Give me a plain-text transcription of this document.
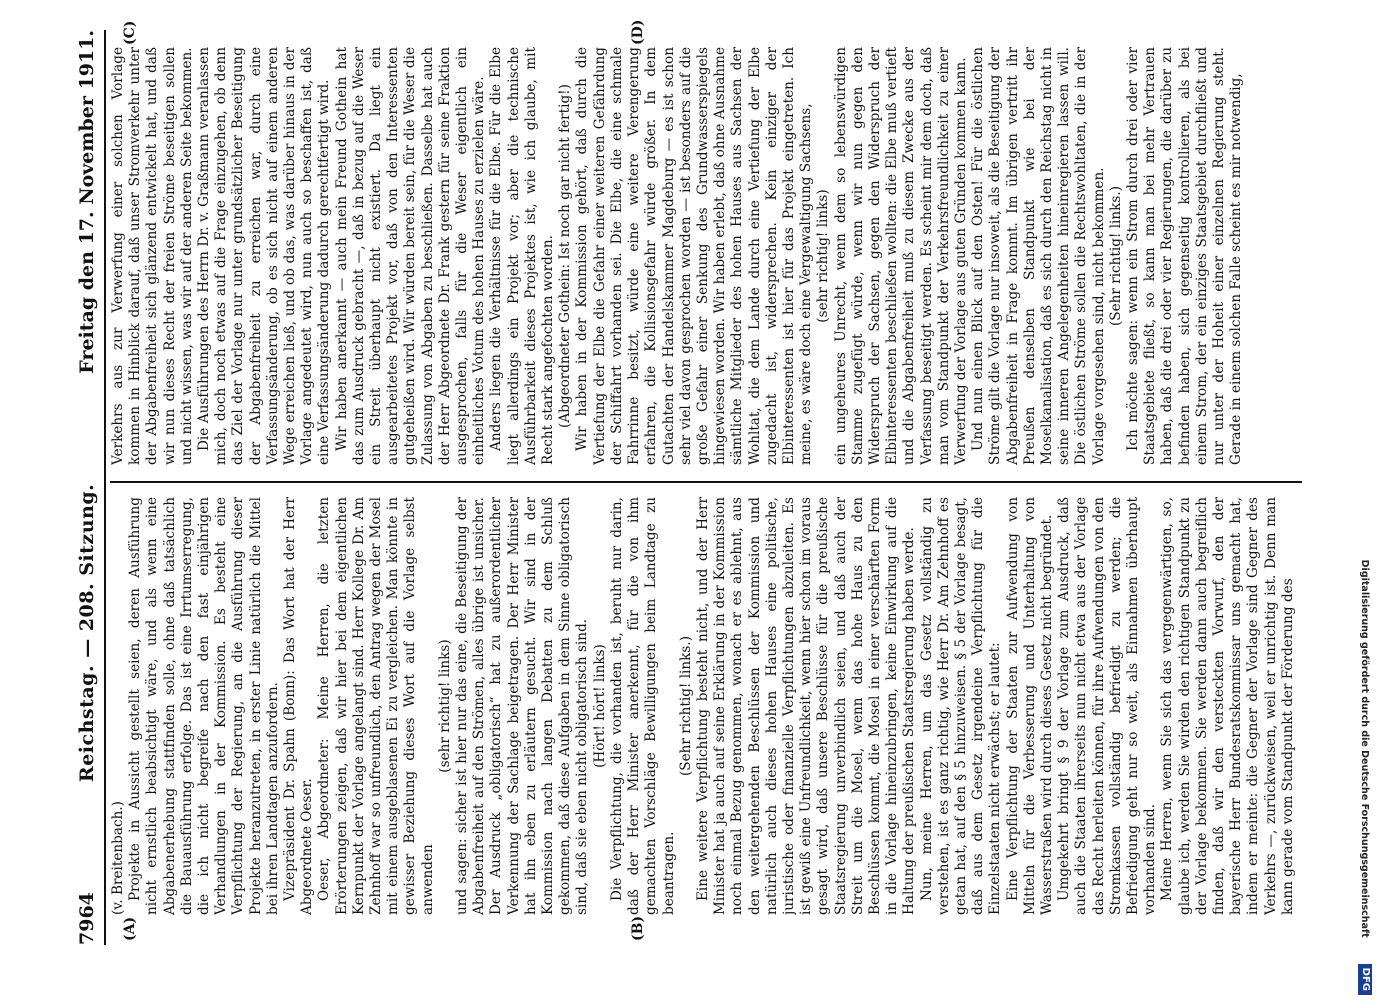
7964
Reichstag. — 208. Sitzung.
Freitag den 17. November 1911.
(A)	(B)
(C)	(D)

(v. Breitenbach.) Projekte in Aussicht gestellt seien, deren Ausführung nicht ernstlich beabsichtigt wäre, und als wenn eine Abgabenerhebung stattfinden solle, ohne daß tatsächlich die Bauausführung erfolge. Das ist eine Irrtumserregung, die ich nicht begreife nach den fast einjährigen Verhandlungen in der Kommission. Es besteht eine Verpflichtung der Regierung, an die Ausführung dieser Projekte heranzutreten, in erster Linie natürlich die Mittel bei ihren Landtagen anzufordern. Vizepräsident Dr. Spahn (Bonn): Das Wort hat der Herr Abgeordnete Oeser. Oeser, Abgeordneter: Meine Herren, die letzten Erörterungen zeigen, daß wir hier bei dem eigentlichen Kernpunkt der Vorlage angelangt sind. Herr Kollege Dr. Am Zehnhoff war so unfreundlich, den Antrag wegen der Mosel mit einem ausgeblasenen Ei zu vergleichen. Man könnte in gewisser Beziehung dieses Wort auf die Vorlage selbst anwenden

(sehr richtig! links) und sagen: sicher ist hier nur das eine, die Beseitigung der Abgabenfreiheit auf den Strömen, alles übrige ist unsicher. Der Ausdruck „obligatorisch“ hat zu außerordentlicher Verkennung der Sachlage beigetragen. Der Herr Minister hat ihn eben zu erläutern gesucht. Wir sind in der Kommission nach langen Debatten zu dem Schluß gekommen, daß diese Aufgaben in dem Sinne obligatorisch sind, daß sie eben nicht obligatorisch sind. (Hört! hört! links) Die Verpflichtung, die vorhanden ist, beruht nur darin, daß der Herr Minister anerkennt, für die von ihm gemachten Vorschläge Bewilligungen beim Landtage zu beantragen.

(Sehr richtig! links.) Eine weitere Verpflichtung besteht nicht, und der Herr Minister hat ja auch auf seine Erklärung in der Kommission noch einmal Bezug genommen, wonach er es ablehnt, aus den weitergehenden Beschlüssen der Kommission und natürlich auch dieses hohen Hauses eine politische, juristische oder finanzielle Verpflichtungen abzuleiten. Es ist gewiß eine Unfreundlichkeit, wenn hier schon im voraus gesagt wird, daß unsere Beschlüsse für die preußische Staatsregierung unverbindlich seien, und daß auch der Streit um die Mosel, wenn das hohe Haus zu den Beschlüssen kommt, die Mosel in einer verschärften Form in die Vorlage hineinzubringen, keine Einwirkung auf die Haltung der preußischen Staatsregierung haben werde. Nun, meine Herren, um das Gesetz vollständig zu verstehen, ist es ganz richtig, wie Herr Dr. Am Zehnhoff es getan hat, auf den § 5 hinzuweisen. § 5 der Vorlage besagt, daß aus dem Gesetz irgendeine Verpflichtung für die Einzelstaaten nicht erwächst; er lautet: Eine Verpflichtung der Staaten zur Aufwendung von Mitteln für die Verbesserung und Unterhaltung von Wasserstraßen wird durch dieses Gesetz nicht begründet. Umgekehrt bringt § 9 der Vorlage zum Ausdruck, daß auch die Staaten ihrerseits nun nicht etwa aus der Vorlage das Recht herleiten können, für ihre Aufwendungen von den Stromkassen vollständig befriedigt zu werden; die Befriedigung geht nur so weit, als Einnahmen überhaupt vorhanden sind. Meine Herren, wenn Sie sich das vergegenwärtigen, so, glaube ich, werden Sie wirden den richtigen Standpunkt zu der Vorlage bekommen. Sie werden dann auch begreiflich finden, daß wir den versteckten Vorwurf, den der bayerische Herr Bundesratskommissar uns gemacht hat, indem er meinte: die Gegner der Vorlage sind Gegner des Verkehrs —, zurückweisen, weil er unrichtig ist. Denn man kann gerade vom Standpunkt der Förderung des

Verkehrs aus zur Verwerfung einer solchen Vorlage kommen in Hinblick darauf, daß unser Stromverkehr unter der Abgabenfreiheit sich glänzend entwickelt hat, und daß wir nun dieses Recht der freien Ströme beseitigen sollen und nicht wissen, was wir auf der anderen Seite bekommen. Die Ausführungen des Herrn Dr. v. Graßmann veranlassen mich, doch noch etwas auf die Frage einzugehen, ob denn das Ziel der Vorlage nur unter grundsätzlicher Beseitigung der Abgabenfreiheit zu erreichen war, durch eine Verfassungsänderung, ob es sich nicht auf einem anderen Wege erreichen ließ, und ob das, was darüber hinaus in der Vorlage angedeutet wird, nun auch so beschaffen ist, daß eine Verfassungsänderung dadurch gerechtfertigt wird. Wir haben anerkannt — auch mein Freund Gothein hat das zum Ausdruck gebracht —, daß in bezug auf die Weser ein Streit überhaupt nicht existiert. Da liegt ein ausgearbeitetes Projekt vor, daß von den Interessenten gutgeheißen wird. Wir würden bereit sein, für die Weser die Zulassung von Abgaben zu beschließen. Dasselbe hat auch der Herr Abgeordnete Dr. Frank gestern für seine Fraktion ausgesprochen, falls für die Weser eigentlich ein einheitliches Votum des hohen Hauses zu erzielen wäre. Anders liegen die Verhältnisse für die Elbe. Für die Elbe liegt allerdings ein Projekt vor; aber die technische Ausführbarkeit dieses Projektes ist, wie ich glaube, mit Recht stark angefochten worden. (Abgeordneter Gothein: Ist noch gar nicht fertig!) Wir haben in der Kommission gehört, daß durch die Vertiefung der Elbe die Gefahr einer weiteren Gefährdung der Schiffahrt vorhanden sei. Die Elbe, die eine schmale Fahrrinne besitzt, würde eine weitere Verengerung erfahren, die Kollisionsgefahr würde größer. In dem Gutachten der Handelskammer Magdeburg — es ist schon sehr viel davon gesprochen worden — ist besonders auf die große Gefahr einer Senkung des Grundwasserspiegels hingewiesen worden. Wir haben erlebt, daß ohne Ausnahme sämtliche Mitglieder des hohen Hauses aus Sachsen der Wohltat, die dem Lande durch eine Vertiefung der Elbe zugedacht ist, widersprechen. Kein einziger der Elbinteressenten ist hier für das Projekt eingetreten. Ich meine, es wäre doch eine Vergewaltigung Sachsens, (sehr richtig! links) ein ungeheures Unrecht, wenn dem so lebenswürdigen Stamme zugefügt würde, wenn wir nun gegen den Widerspruch der Sachsen, gegen den Widerspruch der Elbinteressenten beschließen wollten: die Elbe muß vertieft und die Abgabenfreiheit muß zu diesem Zwecke aus der Verfassung beseitigt werden. Es scheint mir dem doch, daß man vom Standpunkt der Verkehrsfreundlichkeit zu einer Verwerfung der Vorlage aus guten Gründen kommen kann. Und nun einen Blick auf den Osten! Für die östlichen Ströme gilt die Vorlage nur insoweit, als die Beseitigung der Abgabenfreiheit in Frage kommt. Im übrigen vertritt ihr Preußen denselben Standpunkt wie bei der Moselkanalisation, daß es sich durch den Reichstag nicht in seine inneren Angelegenheiten hineinregieren lassen will. Die östlichen Ströme sollen die Rechtswohltaten, die in der Vorlage vorgesehen sind, nicht bekommen. (Sehr richtig! links.) Ich möchte sagen: wenn ein Strom durch drei oder vier Staatsgebiete fließt, so kann man bei mehr Vertrauen haben, daß die drei oder vier Regierungen, die darüber zu befinden haben, sich gegenseitig kontrollieren, als bei einem Strom, der ein einziges Staatsgebiet durchfließt und nur unter der Hoheit einer einzelnen Regierung steht. Gerade in einem solchen Falle scheint es mir notwendig,

Digitalisierung gefördert durch die Deutsche Forschungsgemeinschaft
DFG
